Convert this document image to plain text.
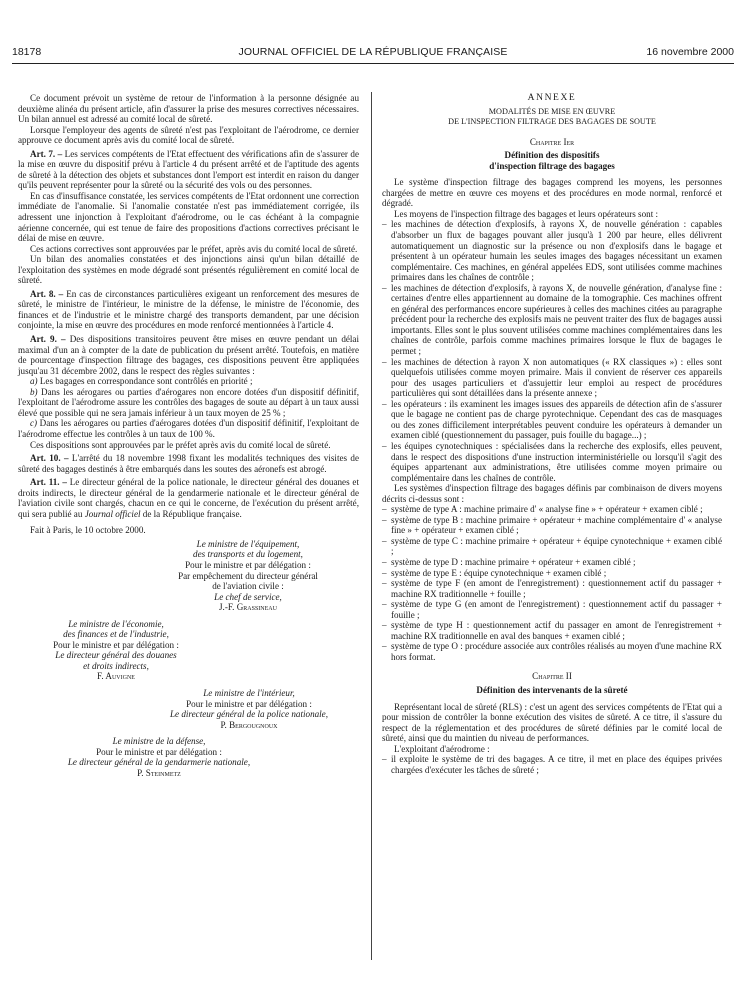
18178	JOURNAL OFFICIEL DE LA RÉPUBLIQUE FRANÇAISE	16 novembre 2000

Ce document prévoit un système de retour de l'information à la personne désignée au deuxième alinéa du présent article, afin d'assurer la prise des mesures correctives nécessaires. Un bilan annuel est adressé au comité local de sûreté.

Lorsque l'employeur des agents de sûreté n'est pas l'exploitant de l'aérodrome, ce dernier approuve ce document après avis du comité local de sûreté.

Art. 7. – Les services compétents de l'Etat effectuent des vérifications afin de s'assurer de la mise en œuvre du dispositif prévu à l'article 4 du présent arrêté et de l'aptitude des agents de sûreté à la détection des objets et substances dont l'emport est interdit en raison du danger qu'ils peuvent représenter pour la sûreté ou la sécurité des vols ou des personnes.

En cas d'insuffisance constatée, les services compétents de l'Etat ordonnent une correction immédiate de l'anomalie. Si l'anomalie constatée n'est pas immédiatement corrigée, ils adressent une injonction à l'exploitant d'aérodrome, ou le cas échéant à la compagnie aérienne concernée, qui est tenue de faire des propositions d'actions correctives précisant le délai de mise en œuvre.

Ces actions correctives sont approuvées par le préfet, après avis du comité local de sûreté.

Un bilan des anomalies constatées et des injonctions ainsi qu'un bilan détaillé de l'exploitation des systèmes en mode dégradé sont présentés régulièrement en comité local de sûreté.

Art. 8. – En cas de circonstances particulières exigeant un renforcement des mesures de sûreté, le ministre de l'intérieur, le ministre de la défense, le ministre de l'économie, des finances et de l'industrie et le ministre chargé des transports demandent, par une décision conjointe, la mise en œuvre des procédures en mode renforcé mentionnées à l'article 4.

Art. 9. – Des dispositions transitoires peuvent être mises en œuvre pendant un délai maximal d'un an à compter de la date de publication du présent arrêté. Toutefois, en matière de pourcentage d'inspection filtrage des bagages, ces dispositions peuvent être appliquées jusqu'au 31 décembre 2002, dans le respect des règles suivantes :

a) Les bagages en correspondance sont contrôlés en priorité ;

b) Dans les aérogares ou parties d'aérogares non encore dotées d'un dispositif définitif, l'exploitant de l'aérodrome assure les contrôles des bagages de soute au départ à un taux aussi élevé que possible qui ne sera jamais inférieur à un taux moyen de 25 % ;

c) Dans les aérogares ou parties d'aérogares dotées d'un dispositif définitif, l'exploitant de l'aérodrome effectue les contrôles à un taux de 100 %.

Ces dispositions sont approuvées par le préfet après avis du comité local de sûreté.

Art. 10. – L'arrêté du 18 novembre 1998 fixant les modalités techniques des visites de sûreté des bagages destinés à être embarqués dans les soutes des aéronefs est abrogé.

Art. 11. – Le directeur général de la police nationale, le directeur général des douanes et droits indirects, le directeur général de la gendarmerie nationale et le directeur général de l'aviation civile sont chargés, chacun en ce qui le concerne, de l'exécution du présent arrêté, qui sera publié au Journal officiel de la République française.

Fait à Paris, le 10 octobre 2000.

Le ministre de l'équipement,
des transports et du logement,
Pour le ministre et par délégation :
Par empêchement du directeur général
de l'aviation civile :
Le chef de service,
J.-F. Grassineau
Le ministre de l'économie,
des finances et de l'industrie,
Pour le ministre et par délégation :
Le directeur général des douanes
et droits indirects,
F. Auvigne
Le ministre de l'intérieur,
Pour le ministre et par délégation :
Le directeur général de la police nationale,
P. Bergougnoux
Le ministre de la défense,
Pour le ministre et par délégation :
Le directeur général de la gendarmerie nationale,
P. Steinmetz

ANNEXE

MODALITÉS DE MISE EN ŒUVRE

DE L'INSPECTION FILTRAGE DES BAGAGES DE SOUTE

Chapitre Ier

Définition des dispositifs

d'inspection filtrage des bagages

Le système d'inspection filtrage des bagages comprend les moyens, les personnes chargées de mettre en œuvre ces moyens et des procédures en mode normal, renforcé et dégradé.

Les moyens de l'inspection filtrage des bagages et leurs opérateurs sont :

– les machines de détection d'explosifs, à rayons X, de nouvelle génération : capables d'absorber un flux de bagages pouvant aller jusqu'à 1 200 par heure, elles délivrent automatiquement un diagnostic sur la présence ou non d'explosifs dans le bagage et présentent à un opérateur humain les seules images des bagages nécessitant un examen complémentaire. Ces machines, en général appelées EDS, sont utilisées comme machines primaires dans les chaînes de contrôle ;

– les machines de détection d'explosifs, à rayons X, de nouvelle génération, d'analyse fine : certaines d'entre elles appartiennent au domaine de la tomographie. Ces machines offrent en général des performances encore supérieures à celles des machines citées au paragraphe précédent pour la recherche des explosifs mais ne peuvent traiter des flux de bagages aussi importants. Elles sont le plus souvent utilisées comme machines complémentaires dans les chaînes de contrôle, parfois comme machines primaires lorsque le flux de bagages le permet ;

– les machines de détection à rayon X non automatiques (« RX classiques ») : elles sont quelquefois utilisées comme moyen primaire. Mais il convient de réserver ces appareils pour des usages particuliers et d'assujettir leur emploi au respect de procédures particulières qui sont détaillées dans la présente annexe ;

– les opérateurs : ils examinent les images issues des appareils de détection afin de s'assurer que le bagage ne contient pas de charge pyrotechnique. Cependant des cas de masquages ou des zones difficilement interprétables peuvent conduire les opérateurs à demander un examen ciblé (questionnement du passager, puis fouille du bagage...) ;

– les équipes cynotechniques : spécialisées dans la recherche des explosifs, elles peuvent, dans le respect des dispositions d'une instruction interministérielle ou lorsqu'il s'agit des équipes appartenant aux administrations, être utilisées comme moyen primaire ou complémentaire dans les chaînes de contrôle.

Les systèmes d'inspection filtrage des bagages définis par combinaison de divers moyens décrits ci-dessus sont :

– système de type A : machine primaire d' « analyse fine » + opérateur + examen ciblé ;

– système de type B : machine primaire + opérateur + machine complémentaire d' « analyse fine » + opérateur + examen ciblé ;

– système de type C : machine primaire + opérateur + équipe cynotechnique + examen ciblé ;

– système de type D : machine primaire + opérateur + examen ciblé ;

– système de type E : équipe cynotechnique + examen ciblé ;

– système de type F (en amont de l'enregistrement) : questionnement actif du passager + machine RX traditionnelle + fouille ;

– système de type G (en amont de l'enregistrement) : questionnement actif du passager + fouille ;

– système de type H : questionnement actif du passager en amont de l'enregistrement + machine RX traditionnelle en aval des banques + examen ciblé ;

– système de type O : procédure associée aux contrôles réalisés au moyen d'une machine RX hors format.

Chapitre II

Définition des intervenants de la sûreté

Représentant local de sûreté (RLS) : c'est un agent des services compétents de l'Etat qui a pour mission de contrôler la bonne exécution des visites de sûreté. A ce titre, il s'assure du respect de la réglementation et des procédures de sûreté définies par le comité local de sûreté, ainsi que du maintien du niveau de performances.

L'exploitant d'aérodrome :

– il exploite le système de tri des bagages. A ce titre, il met en place des équipes privées chargées d'exécuter les tâches de sûreté ;
